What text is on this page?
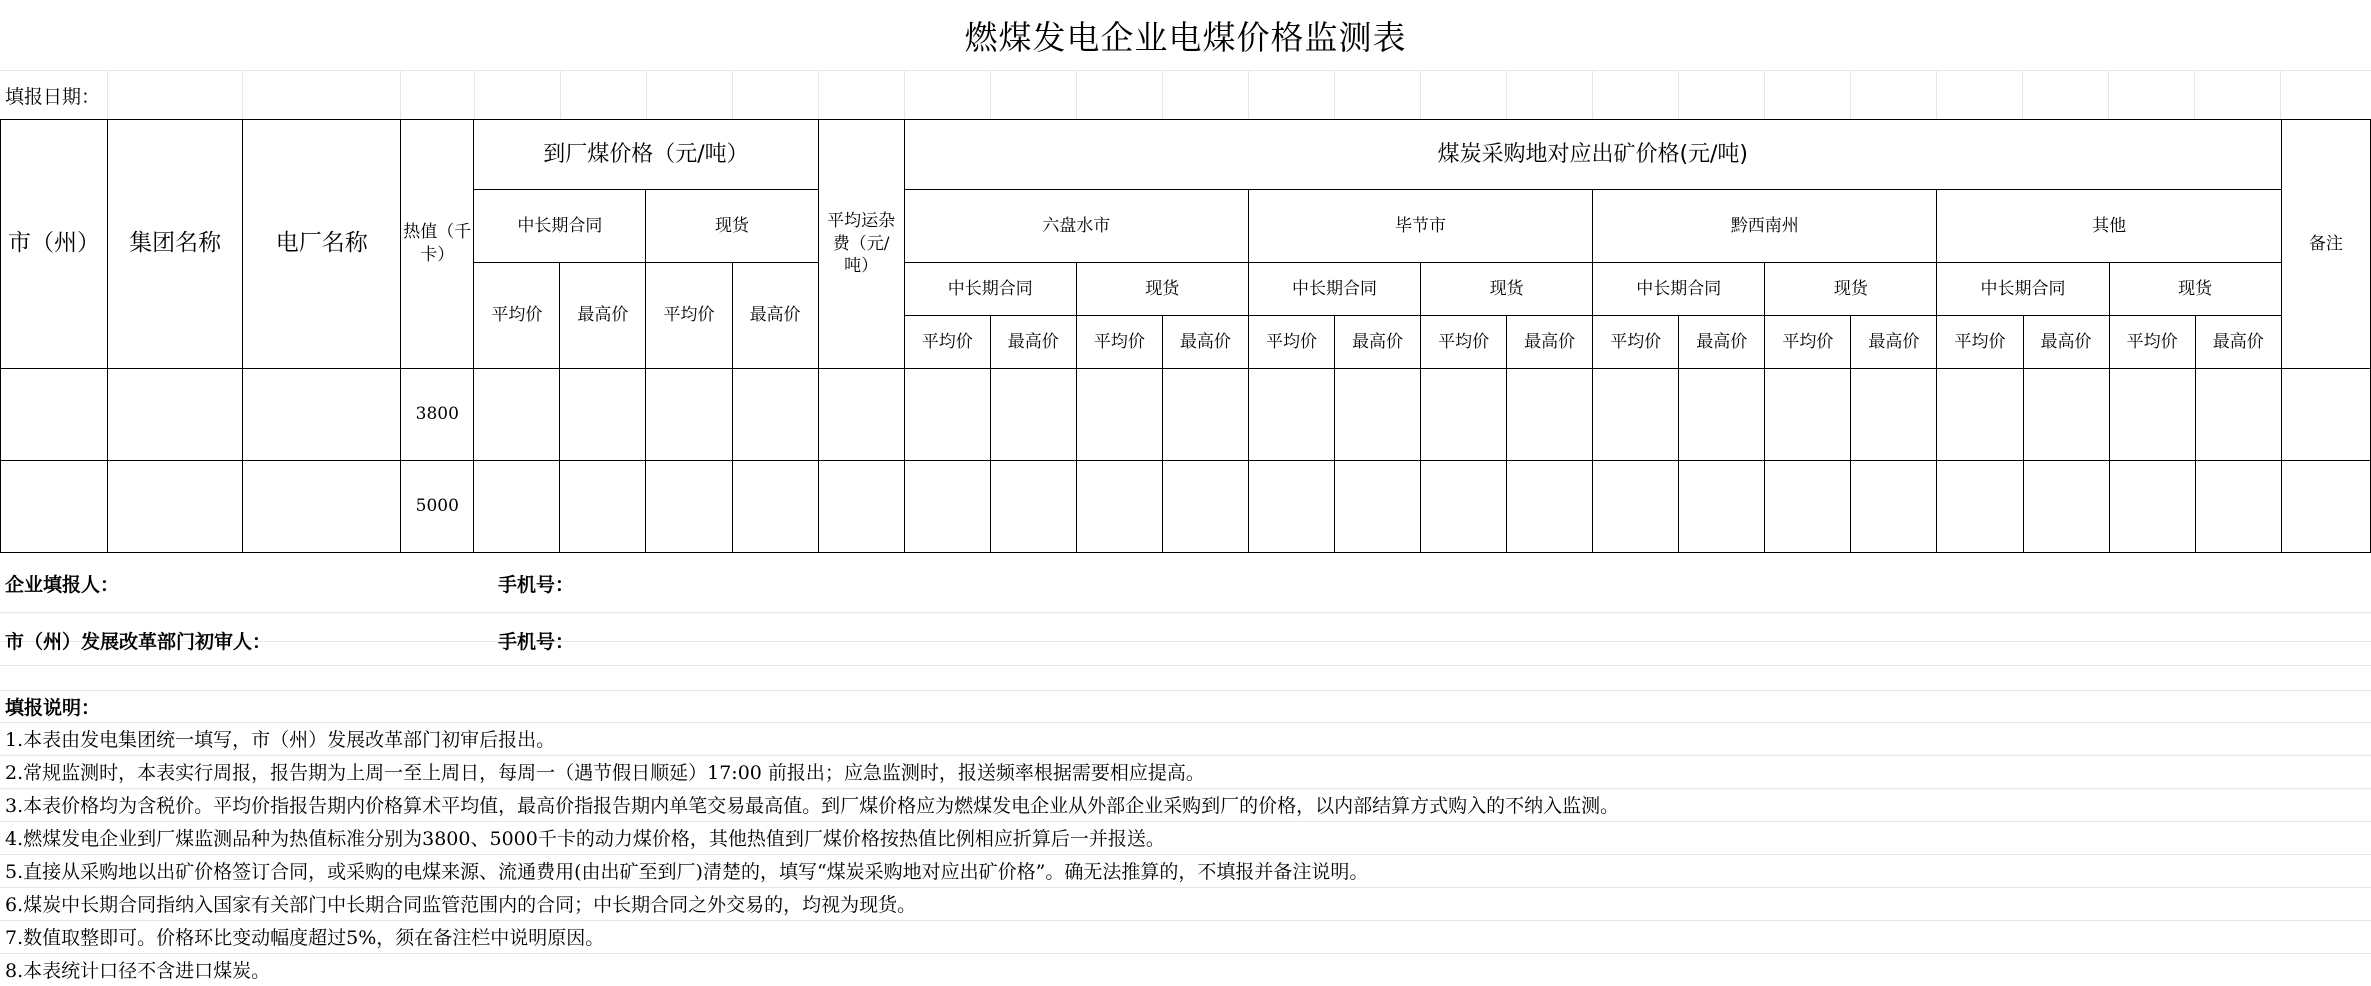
燃煤发电企业电煤价格监测表
填报日期：
市（州）	集团名称	电厂名称	热值（千卡）	到厂煤价格（元/吨）				平均运杂费（元/吨）	煤炭采购地对应出矿价格(元/吨)																备注
				中长期合同		现货			六盘水市				毕节市				黔西南州				其他				
				平均价	最高价	平均价	最高价		中长期合同		现货		中长期合同		现货		中长期合同		现货		中长期合同		现货		
									平均价	最高价	平均价	最高价	平均价	最高价	平均价	最高价	平均价	最高价	平均价	最高价	平均价	最高价	平均价	最高价	
			3800																						
			5000																						
企业填报人：	手机号：
市（州）发展改革部门初审人：	手机号：
填报说明：
1.本表由发电集团统一填写，市（州）发展改革部门初审后报出。
2.常规监测时，本表实行周报，报告期为上周一至上周日，每周一（遇节假日顺延）17:00 前报出；应急监测时，报送频率根据需要相应提高。
3.本表价格均为含税价。平均价指报告期内价格算术平均值，最高价指报告期内单笔交易最高值。到厂煤价格应为燃煤发电企业从外部企业采购到厂的价格，以内部结算方式购入的不纳入监测。
4.燃煤发电企业到厂煤监测品种为热值标准分别为3800、5000千卡的动力煤价格，其他热值到厂煤价格按热值比例相应折算后一并报送。
5.直接从采购地以出矿价格签订合同，或采购的电煤来源、流通费用(由出矿至到厂)清楚的，填写“煤炭采购地对应出矿价格”。确无法推算的，不填报并备注说明。
6.煤炭中长期合同指纳入国家有关部门中长期合同监管范围内的合同；中长期合同之外交易的，均视为现货。
7.数值取整即可。价格环比变动幅度超过5%，须在备注栏中说明原因。
8.本表统计口径不含进口煤炭。
